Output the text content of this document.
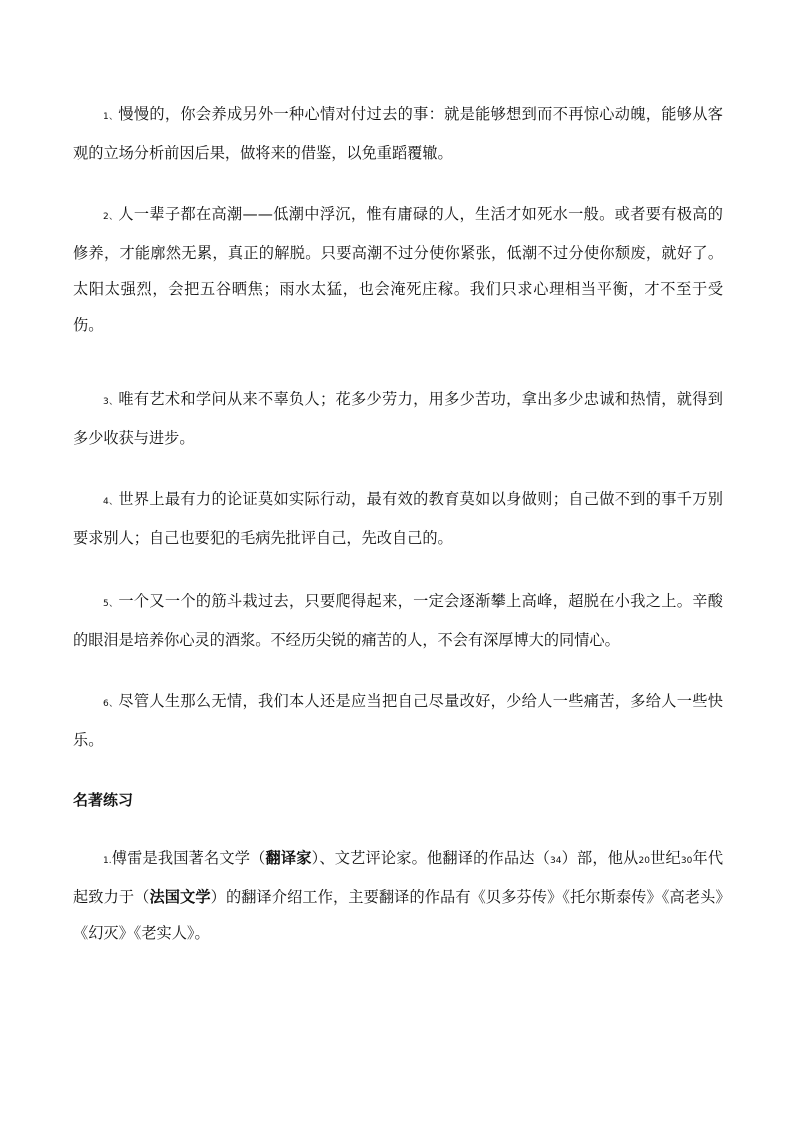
1、慢慢的，你会养成另外一种心情对付过去的事：就是能够想到而不再惊心动魄，能够从客观的立场分析前因后果，做将来的借鉴，以免重蹈覆辙。

2、人一辈子都在高潮——低潮中浮沉，惟有庸碌的人，生活才如死水一般。或者要有极高的修养，才能廓然无累，真正的解脱。只要高潮不过分使你紧张，低潮不过分使你颓废，就好了。太阳太强烈，会把五谷晒焦；雨水太猛，也会淹死庄稼。我们只求心理相当平衡，才不至于受伤。

3、唯有艺术和学问从来不辜负人；花多少劳力，用多少苦功，拿出多少忠诚和热情，就得到多少收获与进步。

4、世界上最有力的论证莫如实际行动，最有效的教育莫如以身做则；自己做不到的事千万别要求别人；自己也要犯的毛病先批评自己，先改自己的。

5、一个又一个的筋斗栽过去，只要爬得起来，一定会逐渐攀上高峰，超脱在小我之上。辛酸的眼泪是培养你心灵的酒浆。不经历尖锐的痛苦的人，不会有深厚博大的同情心。

6、尽管人生那么无情，我们本人还是应当把自己尽量改好，少给人一些痛苦，多给人一些快乐。

名著练习

1.傅雷是我国著名文学（翻译家）、文艺评论家。他翻译的作品达（34）部，他从20世纪30年代起致力于（法国文学）的翻译介绍工作，主要翻译的作品有《贝多芬传》《托尔斯泰传》《高老头》《幻灭》《老实人》。
